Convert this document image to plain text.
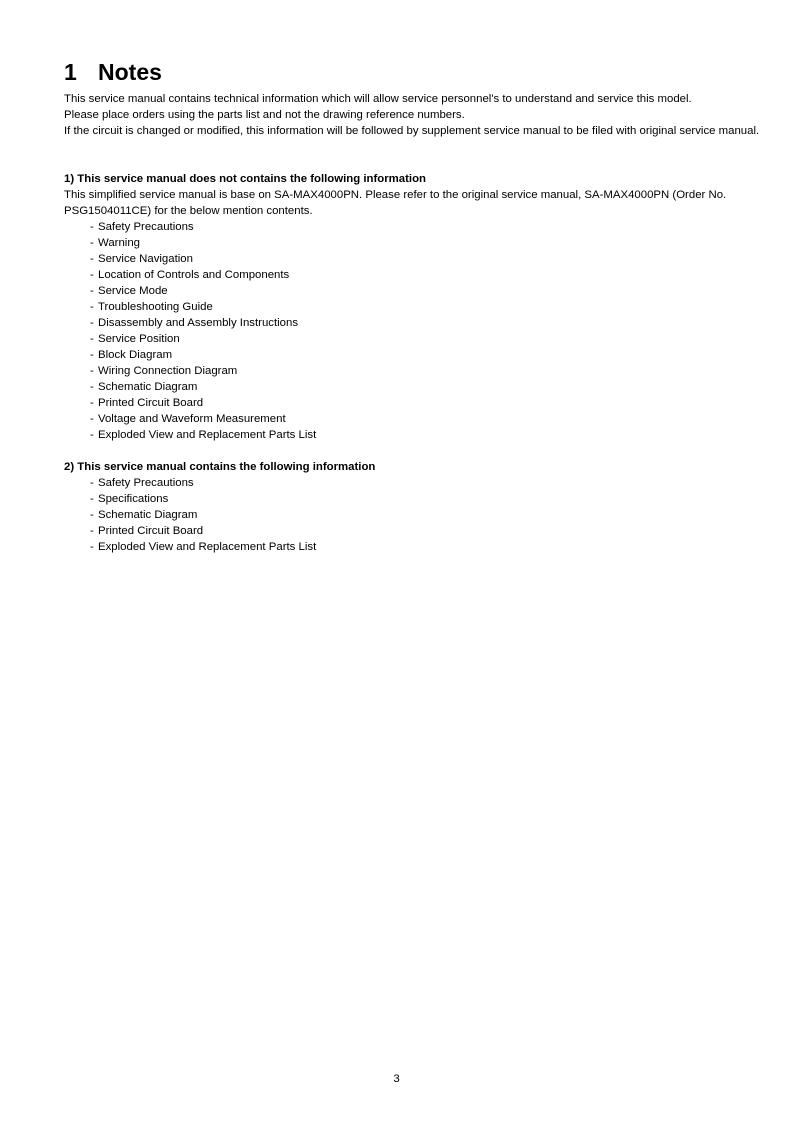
1 Notes

This service manual contains technical information which will allow service personnel's to understand and service this model.

Please place orders using the parts list and not the drawing reference numbers.

If the circuit is changed or modified, this information will be followed by supplement service manual to be filed with original service manual.

1) This service manual does not contains the following information
This simplified service manual is base on SA-MAX4000PN. Please refer to the original service manual, SA-MAX4000PN (Order No. PSG1504011CE) for the below mention contents.
- Safety Precautions
- Warning
- Service Navigation
- Location of Controls and Components
- Service Mode
- Troubleshooting Guide
- Disassembly and Assembly Instructions
- Service Position
- Block Diagram
- Wiring Connection Diagram
- Schematic Diagram
- Printed Circuit Board
- Voltage and Waveform Measurement
- Exploded View and Replacement Parts List
2) This service manual contains the following information
- Safety Precautions
- Specifications
- Schematic Diagram
- Printed Circuit Board
- Exploded View and Replacement Parts List
3
